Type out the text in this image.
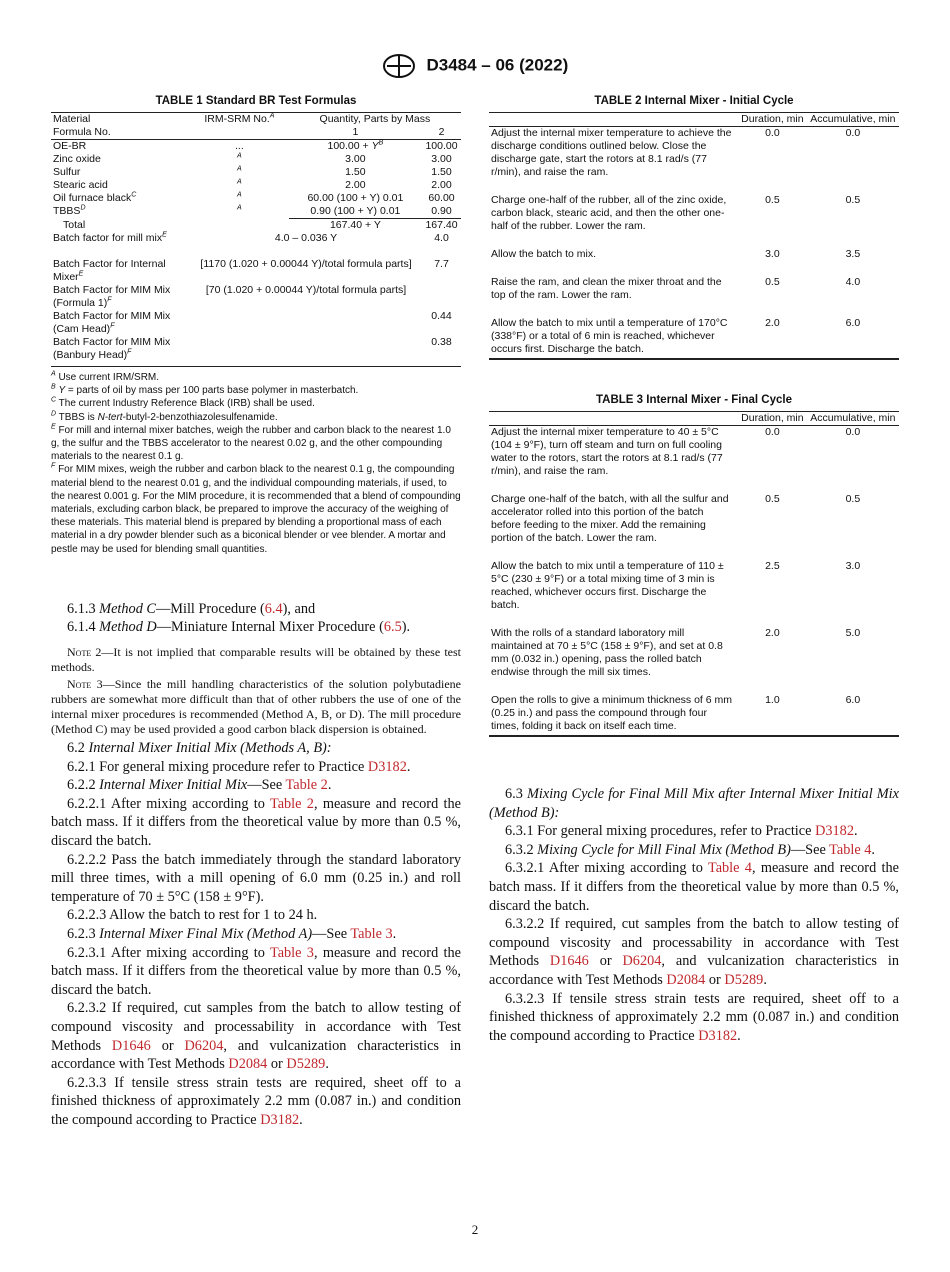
D3484 – 06 (2022)
TABLE 1 Standard BR Test Formulas
Material	IRM-SRM No.$^A$	Quantity, Parts by Mass	
Formula No.		1	2
OE-BR	...	$100.00 + Y^B$	100.00
Zinc oxide	$^A$	3.00	3.00
Sulfur	$^A$	1.50	1.50
Stearic acid	$^A$	2.00	2.00
Oil furnace black$^C$	$^A$	60.00 (100 + Y) 0.01	60.00
$TBBS^D$	$^A$	0.90 (100 + Y) 0.01	0.90
Total		167.40 + Y	167.40
Batch factor for mill mix$^E$	4.0 – 0.036 Y		4.0

Batch Factor for Internal Mixer$^E$	[1170 (1.020 + 0.00044 Y)/total formula parts]		7.7
Batch Factor for MIM Mix (Formula 1)$^F$	[70 (1.020 + 0.00044 Y)/total formula parts]		
Batch Factor for MIM Mix (Cam Head)$^F$			0.44
Batch Factor for MIM Mix (Banbury Head)$^F$			0.38

$^A$ Use current IRM/SRM.

$^B$ Y = parts of oil by mass per 100 parts base polymer in masterbatch.

$^C$ The current Industry Reference Black (IRB) shall be used.

$^D$ TBBS is N-tert-butyl-2-benzothiazolesulfenamide.

$^E$ For mill and internal mixer batches, weigh the rubber and carbon black to the nearest 1.0 g, the sulfur and the TBBS accelerator to the nearest 0.02 g, and the other compounding materials to the nearest 0.1 g.

$^F$ For MIM mixes, weigh the rubber and carbon black to the nearest 0.1 g, the compounding material blend to the nearest 0.01 g, and the individual compounding materials, if used, to the nearest 0.001 g. For the MIM procedure, it is recommended that a blend of compounding materials, excluding carbon black, be prepared to improve the accuracy of the weighing of these materials. This material blend is prepared by blending a proportional mass of each material in a dry powder blender such as a biconical blender or vee blender. A mortar and pestle may be used for blending small quantities.

6.1.3 Method C—Mill Procedure (6.4), and

6.1.4 Method D—Miniature Internal Mixer Procedure (6.5).

Note 2—It is not implied that comparable results will be obtained by these test methods.
Note 3—Since the mill handling characteristics of the solution polybutadiene rubbers are somewhat more difficult than that of other rubbers the use of one of the internal mixer procedures is recommended (Method A, B, or D). The mill procedure (Method C) may be used provided a good carbon black dispersion is obtained.

6.2 Internal Mixer Initial Mix (Methods A, B):

6.2.1 For general mixing procedure refer to Practice D3182.

6.2.2 Internal Mixer Initial Mix—See Table 2.

6.2.2.1 After mixing according to Table 2, measure and record the batch mass. If it differs from the theoretical value by more than 0.5 %, discard the batch.

6.2.2.2 Pass the batch immediately through the standard laboratory mill three times, with a mill opening of 6.0 mm (0.25 in.) and roll temperature of 70 ± 5°C (158 ± 9°F).

6.2.2.3 Allow the batch to rest for 1 to 24 h.

6.2.3 Internal Mixer Final Mix (Method A)—See Table 3.

6.2.3.1 After mixing according to Table 3, measure and record the batch mass. If it differs from the theoretical value by more than 0.5 %, discard the batch.

6.2.3.2 If required, cut samples from the batch to allow testing of compound viscosity and processability in accordance with Test Methods D1646 or D6204, and vulcanization characteristics in accordance with Test Methods D2084 or D5289.

6.2.3.3 If tensile stress strain tests are required, sheet off to a finished thickness of approximately 2.2 mm (0.087 in.) and condition the compound according to Practice D3182.

TABLE 2 Internal Mixer - Initial Cycle
	Duration, min	Accumulative, min
Adjust the internal mixer temperature to achieve the discharge conditions outlined below. Close the discharge gate, start the rotors at 8.1 rad/s (77 r/min), and raise the ram.	0.0	0.0
Charge one-half of the rubber, all of the zinc oxide, carbon black, stearic acid, and then the other one-half of the rubber. Lower the ram.	0.5	0.5
Allow the batch to mix.	3.0	3.5
Raise the ram, and clean the mixer throat and the top of the ram. Lower the ram.	0.5	4.0
Allow the batch to mix until a temperature of 170°C (338°F) or a total of 6 min is reached, whichever occurs first. Discharge the batch.	2.0	6.0
TABLE 3 Internal Mixer - Final Cycle
	Duration, min	Accumulative, min
Adjust the internal mixer temperature to 40 ± 5°C (104 ± 9°F), turn off steam and turn on full cooling water to the rotors, start the rotors at 8.1 rad/s (77 r/min), and raise the ram.	0.0	0.0
Charge one-half of the batch, with all the sulfur and accelerator rolled into this portion of the batch before feeding to the mixer. Add the remaining portion of the batch. Lower the ram.	0.5	0.5
Allow the batch to mix until a temperature of 110 ± 5°C (230 ± 9°F) or a total mixing time of 3 min is reached, whichever occurs first. Discharge the batch.	2.5	3.0
With the rolls of a standard laboratory mill maintained at 70 ± 5°C (158 ± 9°F), and set at 0.8 mm (0.032 in.) opening, pass the rolled batch endwise through the mill six times.	2.0	5.0
Open the rolls to give a minimum thickness of 6 mm (0.25 in.) and pass the compound through four times, folding it back on itself each time.	1.0	6.0

6.3 Mixing Cycle for Final Mill Mix after Internal Mixer Initial Mix (Method B):

6.3.1 For general mixing procedures, refer to Practice D3182.

6.3.2 Mixing Cycle for Mill Final Mix (Method B)—See Table 4.

6.3.2.1 After mixing according to Table 4, measure and record the batch mass. If it differs from the theoretical value by more than 0.5 %, discard the batch.

6.3.2.2 If required, cut samples from the batch to allow testing of compound viscosity and processability in accordance with Test Methods D1646 or D6204, and vulcanization characteristics in accordance with Test Methods D2084 or D5289.

6.3.2.3 If tensile stress strain tests are required, sheet off to a finished thickness of approximately 2.2 mm (0.087 in.) and condition the compound according to Practice D3182.

2
